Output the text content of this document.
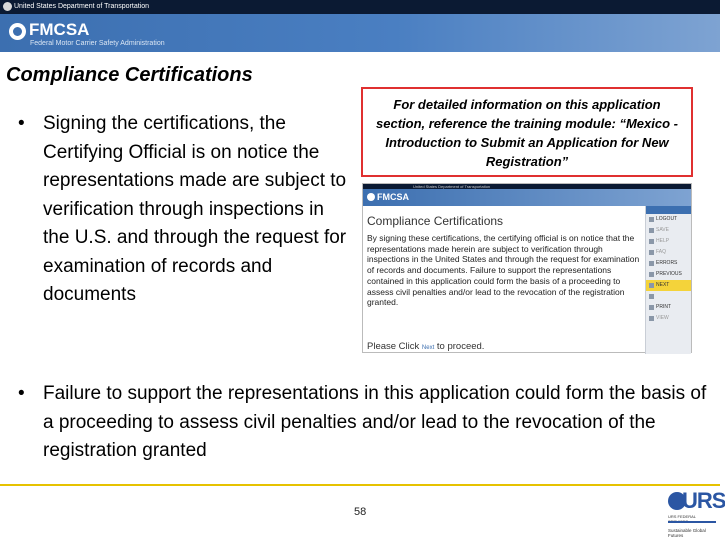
United States Department of Transportation
FMCSA
Federal Motor Carrier Safety Administration
Compliance Certifications
• Signing the certifications, the Certifying Official is on notice the representations made are subject to verification through inspections in the U.S. and through the request for examination of records and documents
For detailed information on this application section, reference the training module: “Mexico - Introduction to Submit an Application for New Registration”
United States Department of Transportation
FMCSA
Compliance Certifications
By signing these certifications, the certifying official is on notice that the representations made herein are subject to verification through inspections in the United States and through the request for examination of records and documents. Failure to support the representations contained in this application could form the basis of a proceeding to assess civil penalties and/or lead to the revocation of the registration granted.
Please Click Next to proceed.
LOGOUT
SAVE
HELP
FAQ
ERRORS
PREVIOUS
NEXT
PRINT
VIEW
• Failure to support the representations in this application could form the basis of a proceeding to assess civil penalties and/or lead to the revocation of the registration granted
58	URS
URS FEDERAL
Sustainable Global Futures
